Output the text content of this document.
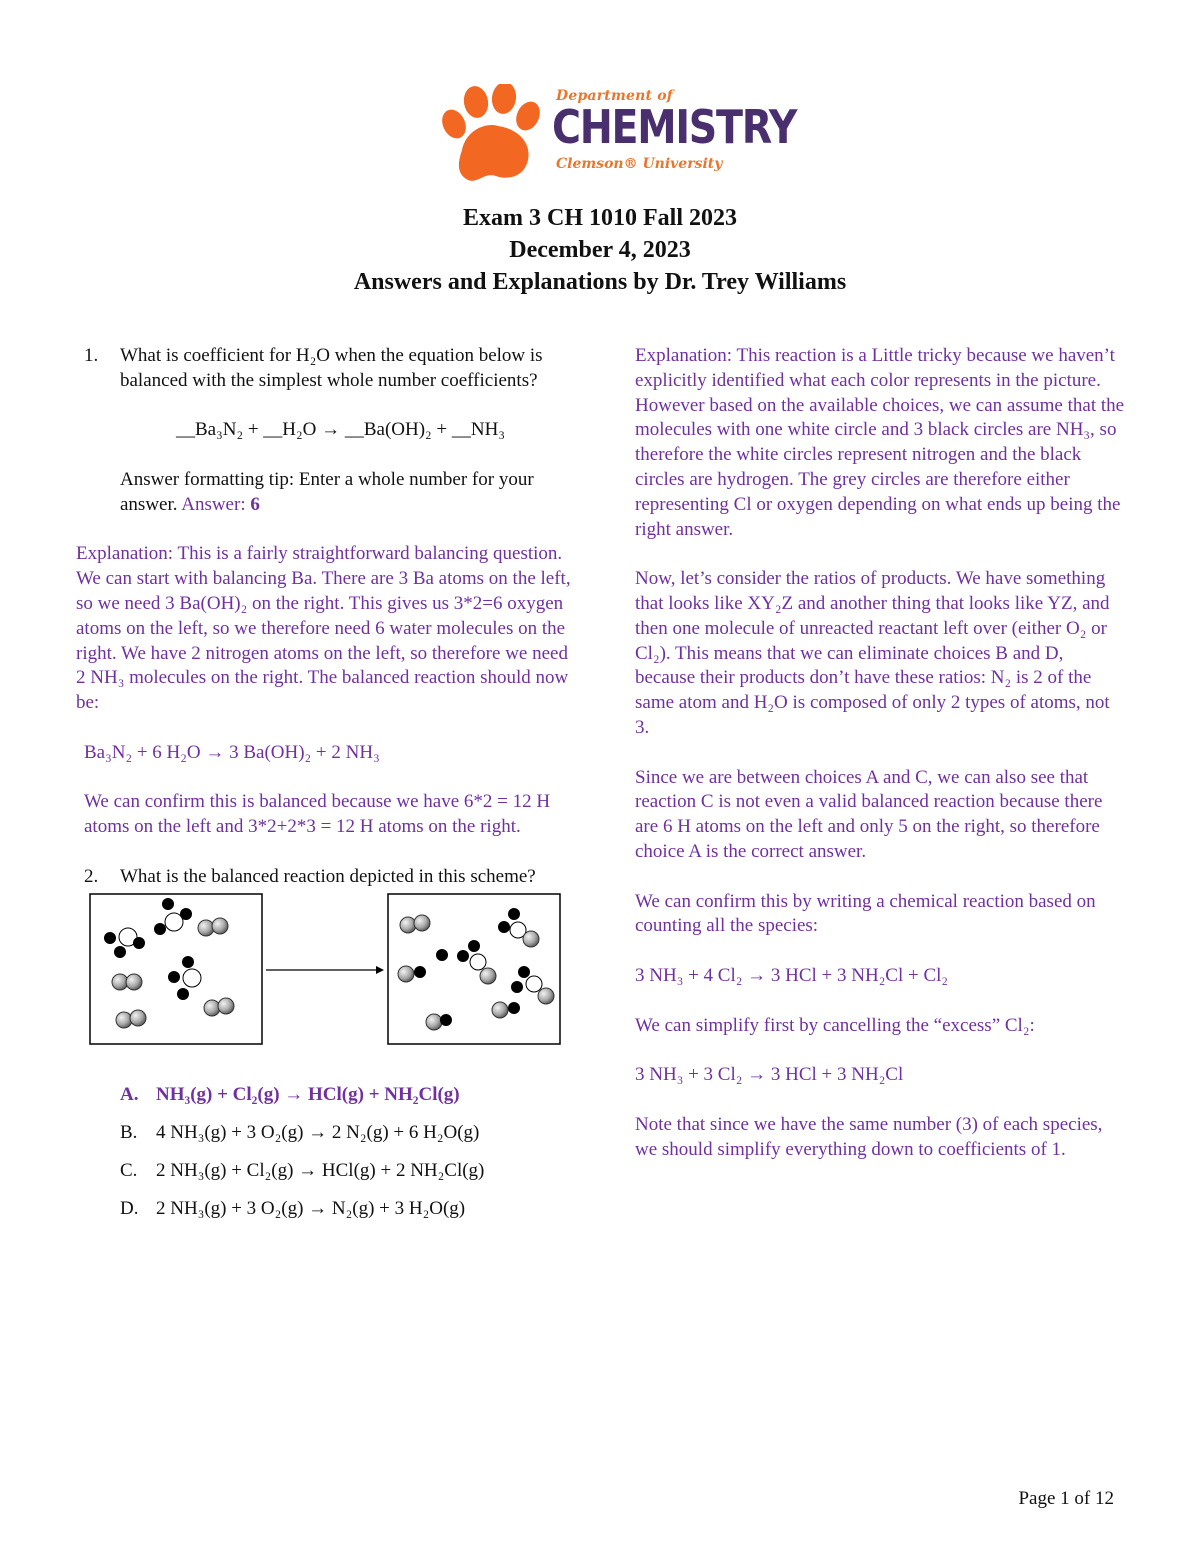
Department of
CHEMISTRY
Clemson® University
Exam 3 CH 1010 Fall 2023
December 4, 2023
Answers and Explanations by Dr. Trey Williams
1. What is coefficient for H₂O when the equation below is balanced with the simplest whole number coefficients?
__Ba₃N₂ + __H₂O → __Ba(OH)₂ + __NH₃
Answer formatting tip: Enter a whole number for your answer. Answer: 6
Explanation: This is a fairly straightforward balancing question. We can start with balancing Ba. There are 3 Ba atoms on the left, so we need 3 Ba(OH)₂ on the right. This gives us 3*2=6 oxygen atoms on the left, so we therefore need 6 water molecules on the right. We have 2 nitrogen atoms on the left, so therefore we need 2 NH₃ molecules on the right. The balanced reaction should now be:
Ba₃N₂ + 6 H₂O → 3 Ba(OH)₂ + 2 NH₃
We can confirm this is balanced because we have 6*2 = 12 H atoms on the left and 3*2+2*3 = 12 H atoms on the right.
2. What is the balanced reaction depicted in this scheme?
A. NH₃(g) + Cl₂(g) → HCl(g) + NH₂Cl(g)
B. 4 NH₃(g) + 3 O₂(g) → 2 N₂(g) + 6 H₂O(g)
C. 2 NH₃(g) + Cl₂(g) → HCl(g) + 2 NH₂Cl(g)
D. 2 NH₃(g) + 3 O₂(g) → N₂(g) + 3 H₂O(g)
Explanation: This reaction is a Little tricky because we haven’t explicitly identified what each color represents in the picture. However based on the available choices, we can assume that the molecules with one white circle and 3 black circles are NH₃, so therefore the white circles represent nitrogen and the black circles are hydrogen. The grey circles are therefore either representing Cl or oxygen depending on what ends up being the right answer.
Now, let’s consider the ratios of products. We have something that looks like XY₂Z and another thing that looks like YZ, and then one molecule of unreacted reactant left over (either O₂ or Cl₂). This means that we can eliminate choices B and D, because their products don’t have these ratios: N₂ is 2 of the same atom and H₂O is composed of only 2 types of atoms, not 3.
Since we are between choices A and C, we can also see that reaction C is not even a valid balanced reaction because there are 6 H atoms on the left and only 5 on the right, so therefore choice A is the correct answer.
We can confirm this by writing a chemical reaction based on counting all the species:
3 NH₃ + 4 Cl₂ → 3 HCl + 3 NH₂Cl + Cl₂
We can simplify first by cancelling the “excess” Cl₂:
3 NH₃ + 3 Cl₂ → 3 HCl + 3 NH₂Cl
Note that since we have the same number (3) of each species, we should simplify everything down to coefficients of 1.
Page 1 of 12
